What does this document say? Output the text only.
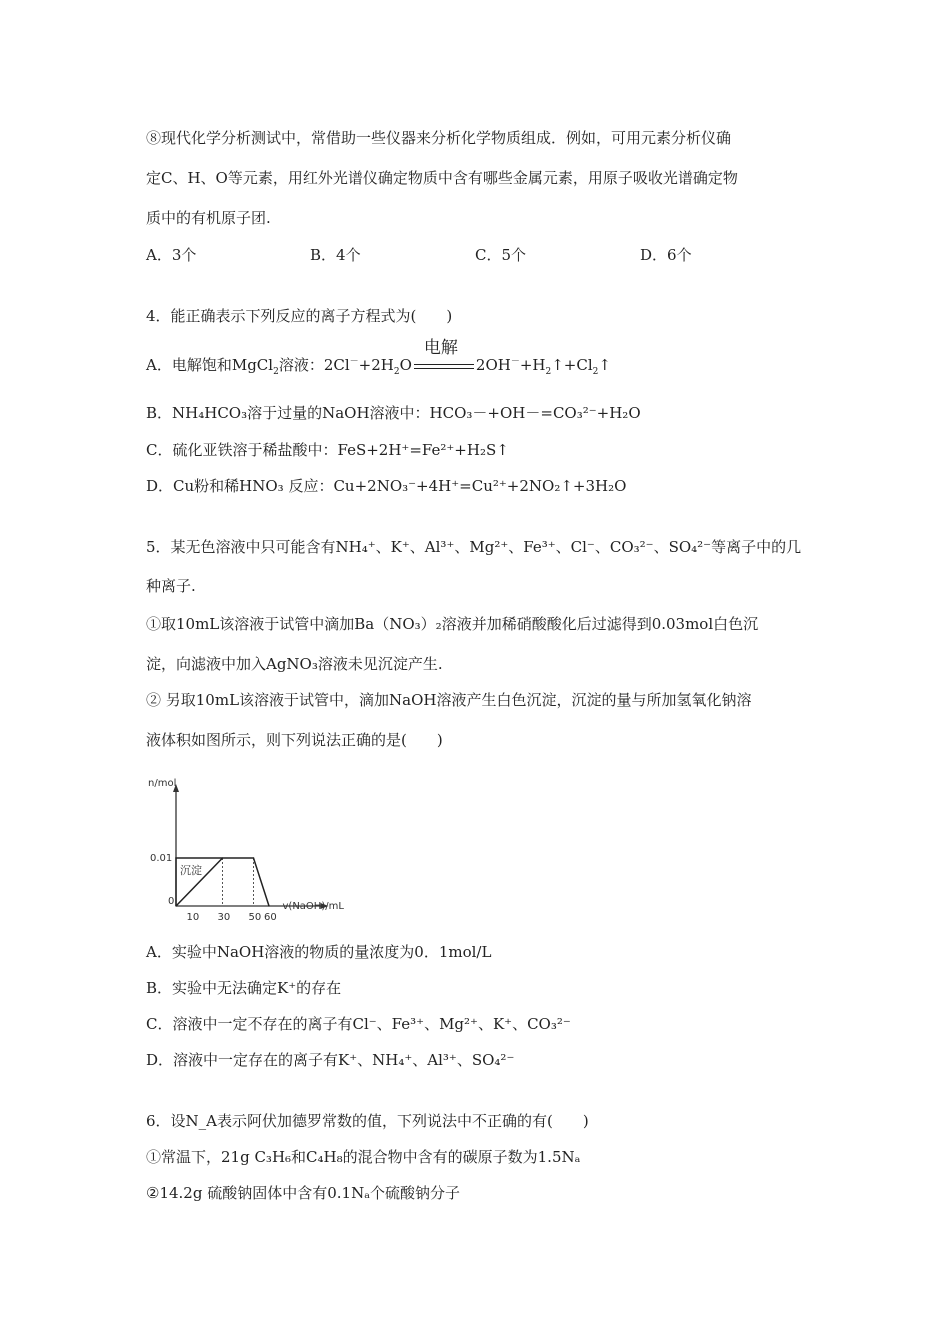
⑧现代化学分析测试中，常借助一些仪器来分析化学物质组成．例如，可用元素分析仪确
定C、H、O等元素，用红外光谱仪确定物质中含有哪些金属元素，用原子吸收光谱确定物
质中的有机原子团.
A．3个	B．4个	C．5个	D．6个
4．能正确表示下列反应的离子方程式为(　　)
A．电解饱和MgCl$_2$溶液：$2Cl^-+2H_2O$
电解
$2OH^-+H_2↑+Cl_2↑$
B．NH₄HCO₃溶于过量的NaOH溶液中：HCO₃－+OH－=CO₃²⁻+H₂O
C．硫化亚铁溶于稀盐酸中：FeS+2H⁺=Fe²⁺+H₂S↑
D．Cu粉和稀HNO₃ 反应：Cu+2NO₃⁻+4H⁺=Cu²⁺+2NO₂↑+3H₂O
5．某无色溶液中只可能含有NH₄⁺、K⁺、Al³⁺、Mg²⁺、Fe³⁺、Cl⁻、CO₃²⁻、SO₄²⁻等离子中的几
种离子.
①取10mL该溶液于试管中滴加Ba（NO₃）₂溶液并加稀硝酸酸化后过滤得到0.03mol白色沉
淀，向滤液中加入AgNO₃溶液未见沉淀产生.
② 另取10mL该溶液于试管中，滴加NaOH溶液产生白色沉淀，沉淀的量与所加氢氧化钠溶
液体积如图所示，则下列说法正确的是(　　)
n/mol
v(NaOH)/mL
0.01
0
10 30 50 60
沉淀
A．实验中NaOH溶液的物质的量浓度为0．1mol/L
B．实验中无法确定K⁺的存在
C．溶液中一定不存在的离子有Cl⁻、Fe³⁺、Mg²⁺、K⁺、CO₃²⁻
D．溶液中一定存在的离子有K⁺、NH₄⁺、Al³⁺、SO₄²⁻
6．设N_A表示阿伏加德罗常数的值，下列说法中不正确的有(　　)
①常温下，21g C₃H₆和C₄H₈的混合物中含有的碳原子数为1.5Nₐ
②14.2g 硫酸钠固体中含有0.1Nₐ个硫酸钠分子
